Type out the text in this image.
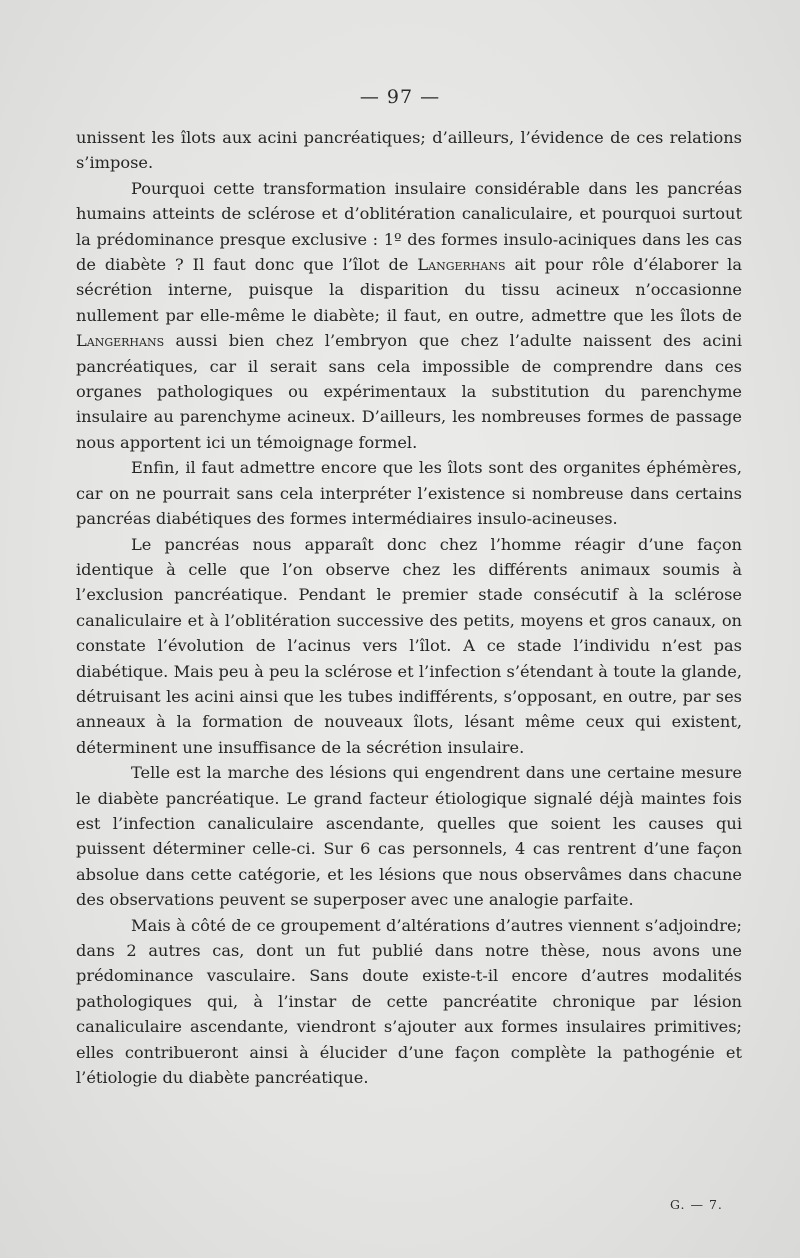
— 97 —

unissent les îlots aux acini pancréatiques; d’ailleurs, l’évidence de ces relations s’impose.

Pourquoi cette transformation insulaire considérable dans les pancréas humains atteints de sclérose et d’oblitération canaliculaire, et pourquoi surtout la prédominance presque exclusive : 1º des formes insulo-aciniques dans les cas de diabète ? Il faut donc que l’îlot de Langerhans ait pour rôle d’élaborer la sécrétion interne, puisque la disparition du tissu acineux n’occasionne nullement par elle-même le diabète; il faut, en outre, admettre que les îlots de Langerhans aussi bien chez l’embryon que chez l’adulte naissent des acini pancréatiques, car il serait sans cela impossible de comprendre dans ces organes pathologiques ou expérimentaux la substitution du parenchyme insulaire au parenchyme acineux. D’ailleurs, les nombreuses formes de passage nous apportent ici un témoignage formel.

Enfin, il faut admettre encore que les îlots sont des organites éphémères, car on ne pourrait sans cela interpréter l’existence si nombreuse dans certains pancréas diabétiques des formes intermédiaires insulo-acineuses.

Le pancréas nous apparaît donc chez l’homme réagir d’une façon identique à celle que l’on observe chez les différents animaux soumis à l’exclusion pancréatique. Pendant le premier stade consécutif à la sclérose canaliculaire et à l’oblitération successive des petits, moyens et gros canaux, on constate l’évolution de l’acinus vers l’îlot. A ce stade l’individu n’est pas diabétique. Mais peu à peu la sclérose et l’infection s’étendant à toute la glande, détruisant les acini ainsi que les tubes indifférents, s’opposant, en outre, par ses anneaux à la formation de nouveaux îlots, lésant même ceux qui existent, déterminent une insuffisance de la sécrétion insulaire.

Telle est la marche des lésions qui engendrent dans une certaine mesure le diabète pancréatique. Le grand facteur étiologique signalé déjà maintes fois est l’infection canaliculaire ascendante, quelles que soient les causes qui puissent déterminer celle-ci. Sur 6 cas personnels, 4 cas rentrent d’une façon absolue dans cette catégorie, et les lésions que nous observâmes dans chacune des observations peuvent se superposer avec une analogie parfaite.

Mais à côté de ce groupement d’altérations d’autres viennent s’adjoindre; dans 2 autres cas, dont un fut publié dans notre thèse, nous avons une prédominance vasculaire. Sans doute existe-t-il encore d’autres modalités pathologiques qui, à l’instar de cette pancréatite chronique par lésion canaliculaire ascendante, viendront s’ajouter aux formes insulaires primitives; elles contribueront ainsi à élucider d’une façon complète la pathogénie et l’étiologie du diabète pancréatique.

G. — 7.
